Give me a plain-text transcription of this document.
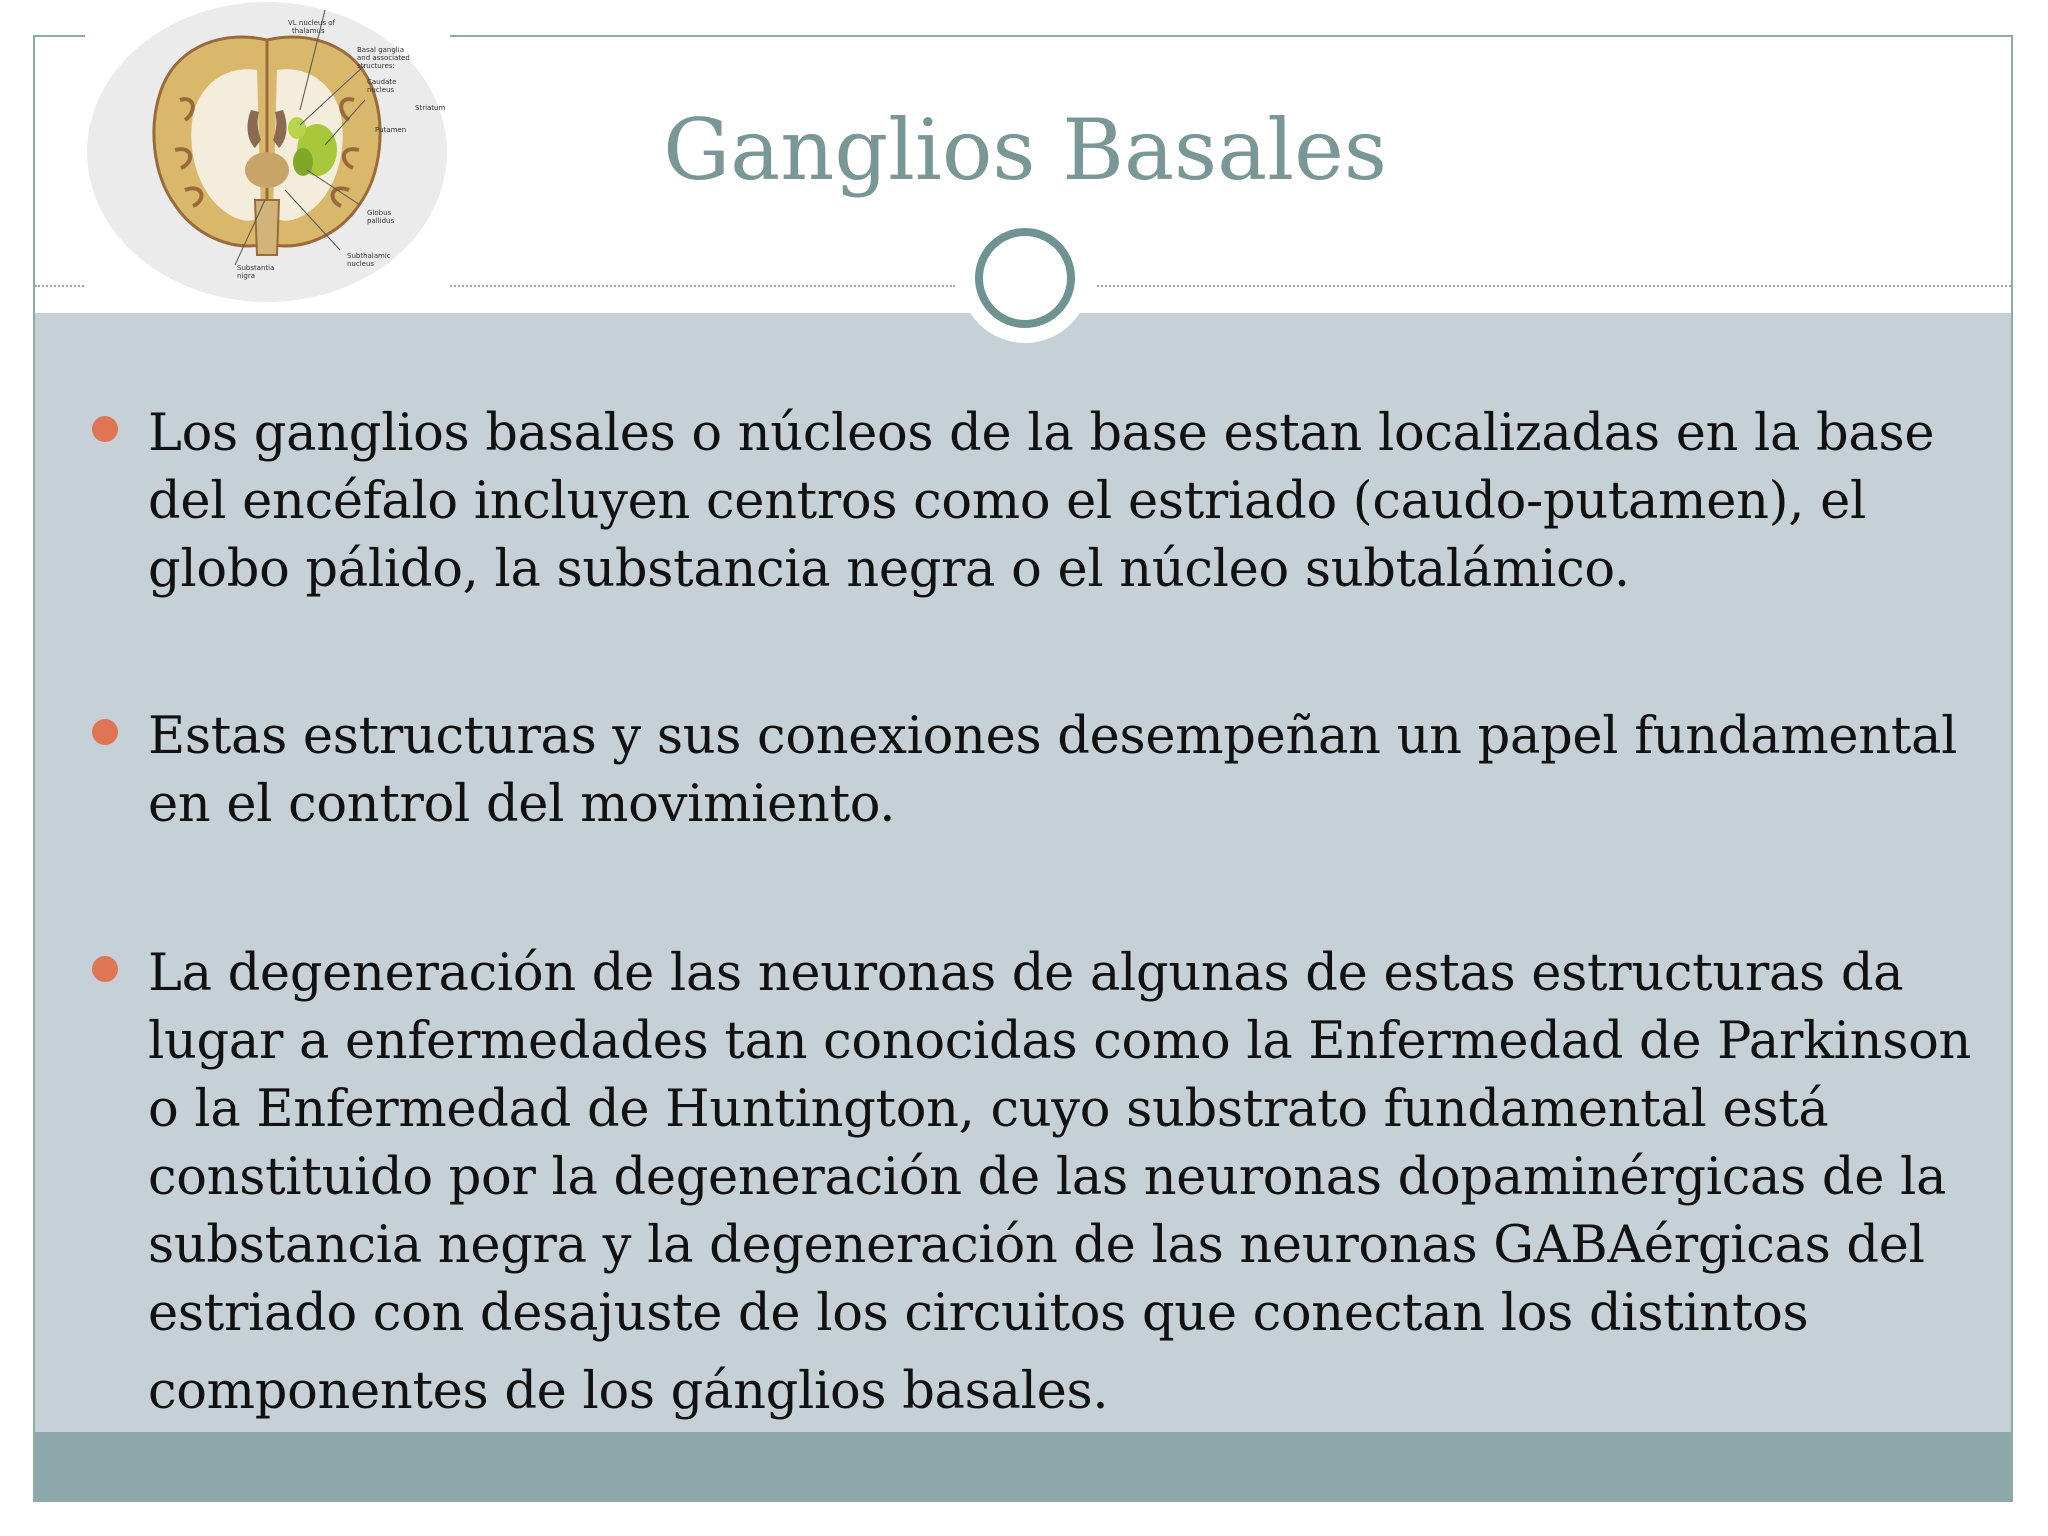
Ganglios Basales
VL nucleus of
thalamus
Basal ganglia
and associated
structures:
Caudate
nucleus
Striatum
Putamen
Globus
pallidus
Subthalamic
nucleus
Substantia
nigra
Los ganglios basales o núcleos de la base estan localizadas en la base
del encéfalo incluyen centros como el estriado (caudo-putamen), el
globo pálido, la substancia negra o el núcleo subtalámico.
Estas estructuras y sus conexiones desempeñan un papel fundamental
en el control del movimiento.
La degeneración de las neuronas de algunas de estas estructuras da
lugar a enfermedades tan conocidas como la Enfermedad de Parkinson
o la Enfermedad de Huntington, cuyo substrato fundamental está
constituido por la degeneración de las neuronas dopaminérgicas de la
substancia negra y la degeneración de las neuronas GABAérgicas del
estriado con desajuste de los circuitos que conectan los distintos
componentes de los gánglios basales.
